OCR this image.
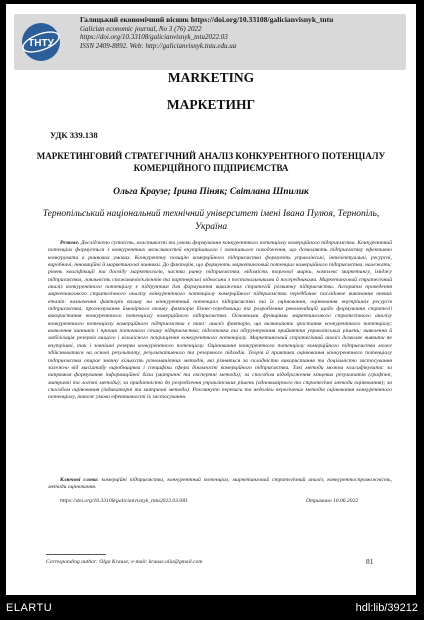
ТНТУ
Галицький економічний вісник https://doi.org/10.33108/galicianvisnyk_tntu
Galician economic journal, No 3 (76) 2022
https://doi.org/10.33108/galicianvisnyk_tntu2022.03
ISSN 2409-8892. Web: http://galicianvisnyk.tntu.edu.ua
MARKETING
МАРКЕТИНГ
УДК 339.138
МАРКЕТИНГОВИЙ СТРАТЕГІЧНИЙ АНАЛІЗ КОНКУРЕНТНОГО ПОТЕНЦІАЛУ КОМЕРЦІЙНОГО ПІДПРИЄМСТВА
Ольга Краузе; Ірина Пiняк; Світлана Шпилик
Тернопільський національний технічний університет імені Івана Пулюя, Тернопіль, Україна
Резюме. Досліджено сутність, властивості та умови формування конкурентного потенціалу комерційного підприємства. Конкурентний потенціал формується з конкурентних можливостей внутрішнього і зовнішнього походження, що дозволяють підприємству ефективно конкурувати в ринкових умовах. Конкурентну позицію комерційного підприємства формують управлінські, інтелектуальні, ресурсні, виробничі, інноваційні й маркетингові чинники. До факторів, що формують маркетинговий потенціал комерційного підприємства, належать: рівень кваліфікації та досвіду маркетологів, частка ринку підприємства, відомість торгової марки, комплекс маркетингу, іміджу підприємства, лояльність споживачів/клієнтів та партнерські відносини з постачальниками й посередниками. Маркетинговий стратегічний аналіз конкурентного потенціалу є підґрунтям для формування виважених стратегій розвитку підприємства. Алгоритм проведення маркетингового стратегічного аналізу конкурентного потенціалу комерційного підприємства передбачає послідовне виконання певних етапів: визначення факторів впливу на конкурентний потенціал підприємства та їх оцінювання, оцінювання внутрішніх ресурсів підприємства, прогнозування ймовірного впливу факторів бізнес-середовища та розроблення рекомендацій щодо формування стратегії використання конкурентного потенціалу комерційного підприємства. Основними функціями маркетингового стратегічного аналізу конкурентного потенціалу комерційного підприємства є такі: аналіз факторів, що визначають зростання конкурентного потенціалу; виявлення чинників і причин поточного стану підприємства; підготовка та обґрунтування прийняття управлінських рішень; виявлення й мобілізація резервів вищого і кількісного покращення конкурентного потенціалу. Маркетинговий стратегічний аналіз дозволяє виявити як внутрішні, так і зовнішні резерви конкурентного потенціалу. Оцінювання конкурентного потенціалу комерційного підприємства може здійснюватися на основі результату, результативного та резервного підходів. Теорія й практика оцінювання конкурентного потенціалу підприємства опирає значну кількість різноманітних методів, які різняться за складністю використання та доцільністю застосування залежно від масштабу виробництва і специфіки сфери діяльності комерційного підприємства. Такі методи можна класифікувати: за напрямом формування інформаційної бази (матричні та експертні методи); за способом відображення кінцевих результатів (графічні, матричні та логічні методи); за придатністю до розроблення управлінських рішень (одновимірного та стратегічні методи оцінювання); за способом оцінювання (індикаторні та матричні методи). Розглянуто переваги та недоліки перелічених методів оцінювання конкурентного потенціалу, також умови ефективності їх застосування.
Ключові слова: комерційні підприємства, конкурентний потенціал, маркетинговий стратегічний аналіз, конкурентоспроможність, методи оцінювання.
https://doi.org/10.33108/galicianvisnyk_tntu2022.03.081	Отримано 10.06.2022
Corresponding author: Olga Krause; e-mail: krause.olia@gmail.com	81
ELARTU	hdl:lib/39212
